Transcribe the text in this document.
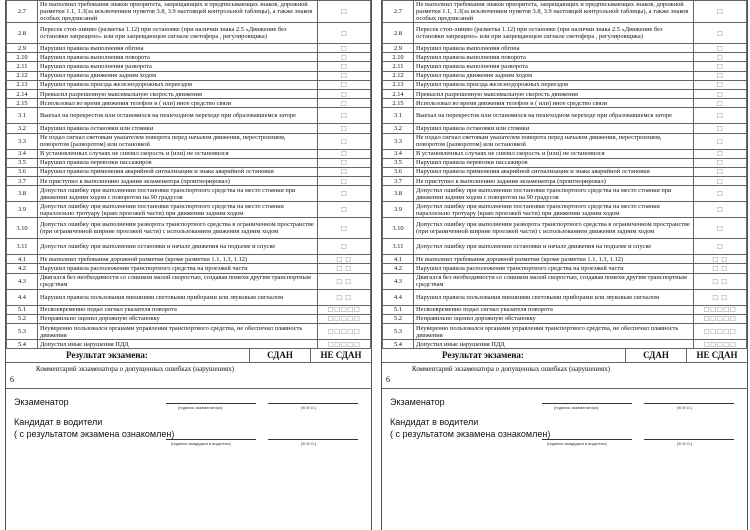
2.7	Не выполнил требования знаков приоритета, запрещающих и предписывающих знаков, дорожной разметки 1.1, 1.3(за исключением пунктов 3.8, 3.9 настоящей контрольной таблицы), а также знаков особых предписаний	□
2.8	Пересек стоп-линию (разметка 1.12) при остановке (при наличии знака 2.5 «Движение без остановки запрещено» или при запрещающем сигнале светофора , регулировщика)	□
2.9	Нарушил правила выполнения обгона	□
2.10	Нарушил правила выполнения поворота	□
2.11	Нарушил правила выполнения разворота	□
2.12	Нарушил правила движения задним ходом	□
2.13	Нарушил правила проезда железнодорожных переездов	□
2.14	Превысил разрешенную максимальную скорость движения	□
2.15	Использовал во время движения телефон и ( или) иное средство связи	□
3.1	Выехал на перекресток или остановился на пешеходном переходе при образовавшемся заторе	□
3.2	Нарушил правила остановки или стоянки	□
3.3	Не подал сигнал световым указателем поворота перед началом движения, перестроением, поворотом (разворотом) или остановкой	□
3.4	В установленных случаях не снизил скорость и (или) не остановился	□
3.5	Нарушил правила перевозки пассажиров	□
3.6	Нарушил правила применения аварийной сигнализации и знака аварийной остановки	□
3.7	Не приступил к выполнению задания экзаменатора (проигнорировал)	□
3.8	Допустил ошибку при выполнении постановки транспортного средства на место стоянки при движении задним ходом с поворотом на 90 градусов	□
3.9	Допустил ошибку при выполнении постановки транспортного средства на место стоянки параллельно тротуару (краю проезжей части) при движении задним ходом	□
3.10	Допустил ошибку при выполнении разворота транспортного средства в ограниченном пространстве (при ограниченной ширине проезжей части) с использованием движения задним ходом	□
3.11	Допустил ошибку при выполнении остановки и начале движения на подъеме и спуске	□
4.1	Не выполнил требования дорожной разметки (кроме разметки 1.1, 1.3, 1.12)	□ □
4.2	Нарушил правила расположения транспортного средства на проезжей части	□ □
4.3	Двигался без необходимости со слишком малой скоростью, создавая помехи другим транспортным средствам	□ □
4.4	Нарушил правила пользования внешними световыми приборами или звуковым сигналом	□ □
5.1	Несвоевременно подал сигнал указателя поворота	□□□□□
5.2	Неправильно оценил дорожную обстановку	□□□□□
5.3	Неуверенно пользовался органами управления транспортного средства, не обеспечил плавность движения	□□□□□
5.4	Допустил иные нарушения ПДД	□□□□□
Результат экзамена:	СДАН	НЕ СДАН
6
Комментарий экзаменатора о допущенных ошибках (нарушениях)
Экзаменатор
(подпись экзаменатора)	(Ф.И.О.)
Кандидат в водители
( с результатом экзамена ознакомлен)
(подпись кандидата в водители)	(Ф.И.О.)
2.7	Не выполнил требования знаков приоритета, запрещающих и предписывающих знаков, дорожной разметки 1.1, 1.3(за исключением пунктов 3.8, 3.9 настоящей контрольной таблицы), а также знаков особых предписаний	□
2.8	Пересек стоп-линию (разметка 1.12) при остановке (при наличии знака 2.5 «Движение без остановки запрещено» или при запрещающем сигнале светофора , регулировщика)	□
2.9	Нарушил правила выполнения обгона	□
2.10	Нарушил правила выполнения поворота	□
2.11	Нарушил правила выполнения разворота	□
2.12	Нарушил правила движения задним ходом	□
2.13	Нарушил правила проезда железнодорожных переездов	□
2.14	Превысил разрешенную максимальную скорость движения	□
2.15	Использовал во время движения телефон и ( или) иное средство связи	□
3.1	Выехал на перекресток или остановился на пешеходном переходе при образовавшемся заторе	□
3.2	Нарушил правила остановки или стоянки	□
3.3	Не подал сигнал световым указателем поворота перед началом движения, перестроением, поворотом (разворотом) или остановкой	□
3.4	В установленных случаях не снизил скорость и (или) не остановился	□
3.5	Нарушил правила перевозки пассажиров	□
3.6	Нарушил правила применения аварийной сигнализации и знака аварийной остановки	□
3.7	Не приступил к выполнению задания экзаменатора (проигнорировал)	□
3.8	Допустил ошибку при выполнении постановки транспортного средства на место стоянки при движении задним ходом с поворотом на 90 градусов	□
3.9	Допустил ошибку при выполнении постановки транспортного средства на место стоянки параллельно тротуару (краю проезжей части) при движении задним ходом	□
3.10	Допустил ошибку при выполнении разворота транспортного средства в ограниченном пространстве (при ограниченной ширине проезжей части) с использованием движения задним ходом	□
3.11	Допустил ошибку при выполнении остановки и начале движения на подъеме и спуске	□
4.1	Не выполнил требования дорожной разметки (кроме разметки 1.1, 1.3, 1.12)	□ □
4.2	Нарушил правила расположения транспортного средства на проезжей части	□ □
4.3	Двигался без необходимости со слишком малой скоростью, создавая помехи другим транспортным средствам	□ □
4.4	Нарушил правила пользования внешними световыми приборами или звуковым сигналом	□ □
5.1	Несвоевременно подал сигнал указателя поворота	□□□□□
5.2	Неправильно оценил дорожную обстановку	□□□□□
5.3	Неуверенно пользовался органами управления транспортного средства, не обеспечил плавность движения	□□□□□
5.4	Допустил иные нарушения ПДД	□□□□□
Результат экзамена:	СДАН	НЕ СДАН
6
Комментарий экзаменатора о допущенных ошибках (нарушениях)
Экзаменатор
(подпись экзаменатора)	(Ф.И.О.)
Кандидат в водители
( с результатом экзамена ознакомлен)
(подпись кандидата в водители)	(Ф.И.О.)
